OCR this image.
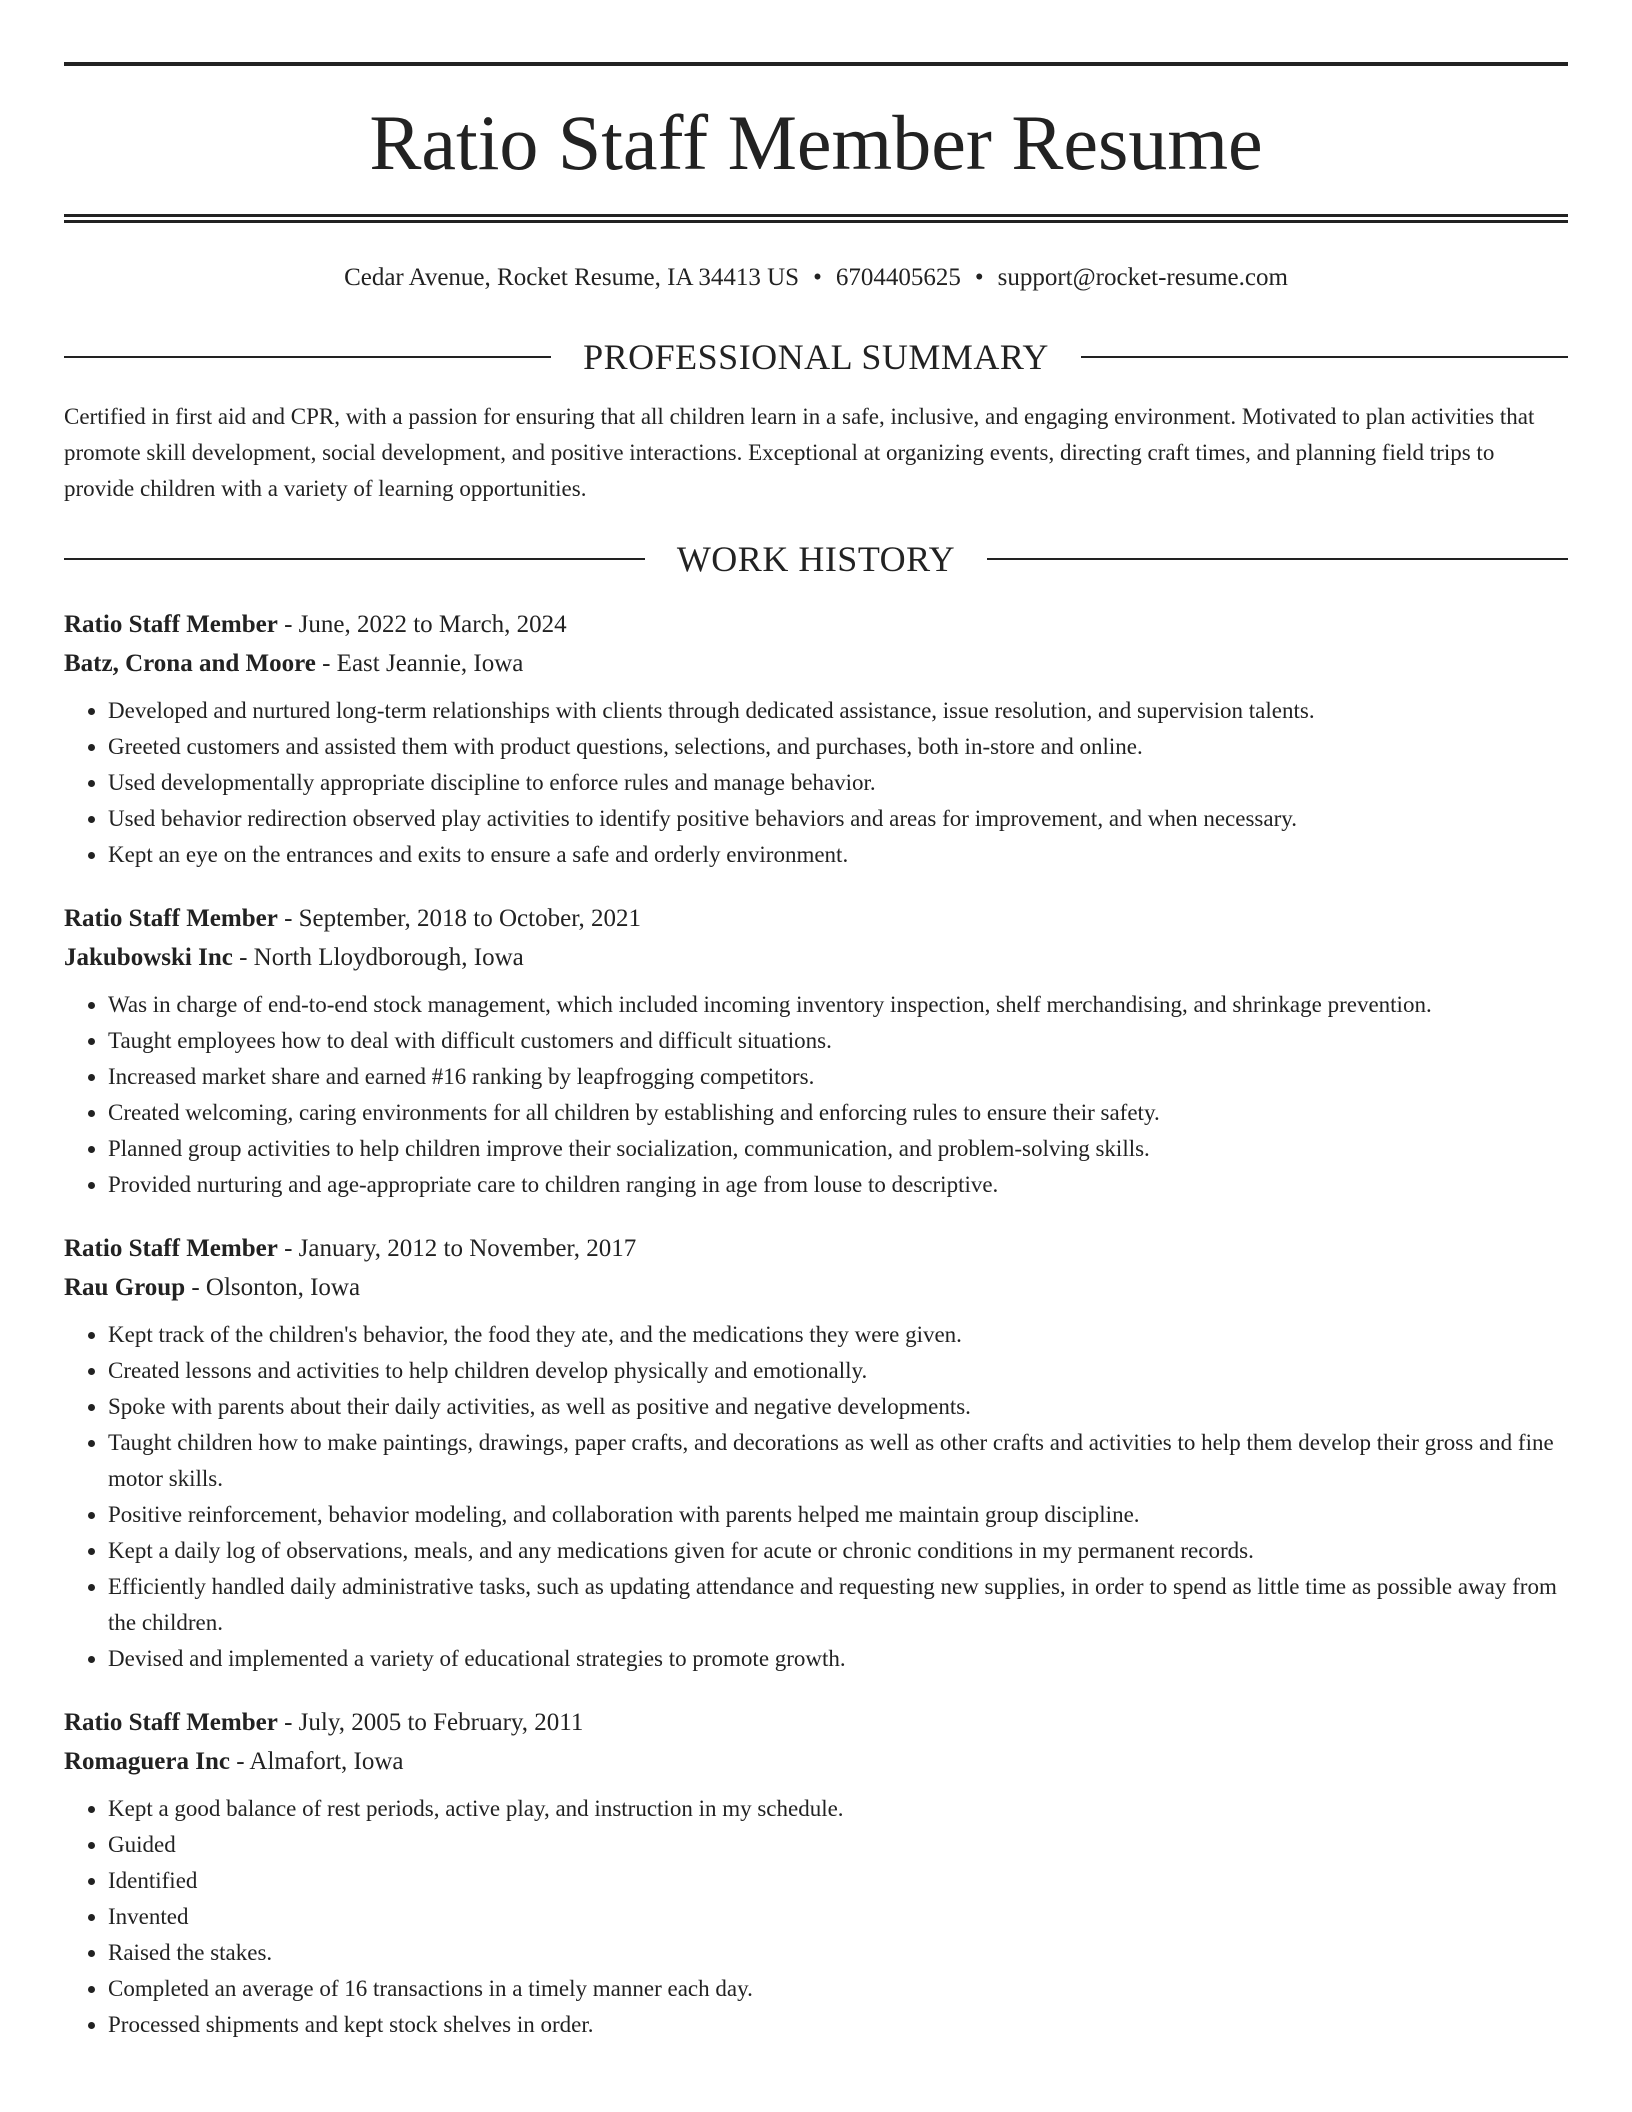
Ratio Staff Member Resume
Cedar Avenue, Rocket Resume, IA 34413 US • 6704405625 • support@rocket-resume.com
PROFESSIONAL SUMMARY

Certified in first aid and CPR, with a passion for ensuring that all children learn in a safe, inclusive, and engaging environment. Motivated to plan activities that promote skill development, social development, and positive interactions. Exceptional at organizing events, directing craft times, and planning field trips to provide children with a variety of learning opportunities.

WORK HISTORY
Ratio Staff Member - June, 2022 to March, 2024
Batz, Crona and Moore - East Jeannie, Iowa
• Developed and nurtured long-term relationships with clients through dedicated assistance, issue resolution, and supervision talents.
• Greeted customers and assisted them with product questions, selections, and purchases, both in-store and online.
• Used developmentally appropriate discipline to enforce rules and manage behavior.
• Used behavior redirection observed play activities to identify positive behaviors and areas for improvement, and when necessary.
• Kept an eye on the entrances and exits to ensure a safe and orderly environment.
Ratio Staff Member - September, 2018 to October, 2021
Jakubowski Inc - North Lloydborough, Iowa
• Was in charge of end-to-end stock management, which included incoming inventory inspection, shelf merchandising, and shrinkage prevention.
• Taught employees how to deal with difficult customers and difficult situations.
• Increased market share and earned #16 ranking by leapfrogging competitors.
• Created welcoming, caring environments for all children by establishing and enforcing rules to ensure their safety.
• Planned group activities to help children improve their socialization, communication, and problem-solving skills.
• Provided nurturing and age-appropriate care to children ranging in age from louse to descriptive.
Ratio Staff Member - January, 2012 to November, 2017
Rau Group - Olsonton, Iowa
• Kept track of the children's behavior, the food they ate, and the medications they were given.
• Created lessons and activities to help children develop physically and emotionally.
• Spoke with parents about their daily activities, as well as positive and negative developments.
• Taught children how to make paintings, drawings, paper crafts, and decorations as well as other crafts and activities to help them develop their gross and fine motor skills.
• Positive reinforcement, behavior modeling, and collaboration with parents helped me maintain group discipline.
• Kept a daily log of observations, meals, and any medications given for acute or chronic conditions in my permanent records.
• Efficiently handled daily administrative tasks, such as updating attendance and requesting new supplies, in order to spend as little time as possible away from the children.
• Devised and implemented a variety of educational strategies to promote growth.
Ratio Staff Member - July, 2005 to February, 2011
Romaguera Inc - Almafort, Iowa
• Kept a good balance of rest periods, active play, and instruction in my schedule.
• Guided
• Identified
• Invented
• Raised the stakes.
• Completed an average of 16 transactions in a timely manner each day.
• Processed shipments and kept stock shelves in order.
